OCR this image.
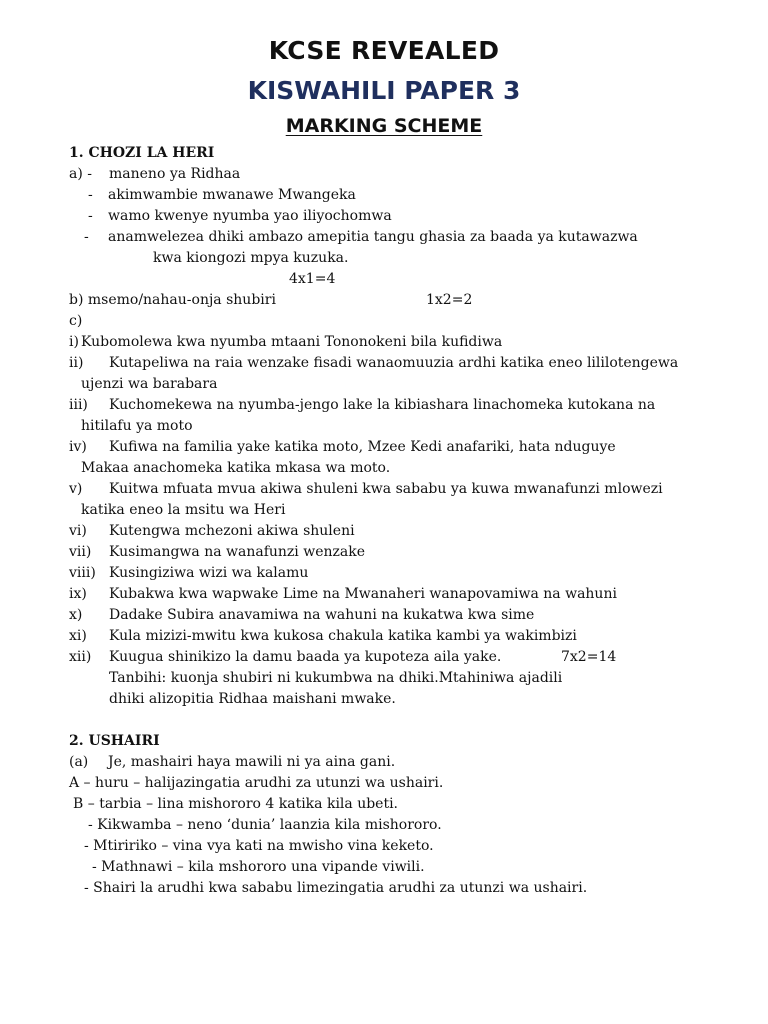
KCSE REVEALED
KISWAHILI PAPER 3
MARKING SCHEME
1. CHOZI LA HERI
a) - maneno ya Ridhaa
- akimwambie mwanawe Mwangeka
- wamo kwenye nyumba yao iliyochomwa
- anamwelezea dhiki ambazo amepitia tangu ghasia za baada ya kutawazwa
kwa kiongozi mpya kuzuka.
4x1=4
b) msemo/nahau-onja shubiri	1x2=2
c)
i) Kubomolewa kwa nyumba mtaani Tononokeni bila kufidiwa
ii) Kutapeliwa na raia wenzake fisadi wanaomuuzia ardhi katika eneo lililotengewa
ujenzi wa barabara
iii) Kuchomekewa na nyumba-jengo lake la kibiashara linachomeka kutokana na
hitilafu ya moto
iv) Kufiwa na familia yake katika moto, Mzee Kedi anafariki, hata nduguye
Makaa anachomeka katika mkasa wa moto.
v) Kuitwa mfuata mvua akiwa shuleni kwa sababu ya kuwa mwanafunzi mlowezi
katika eneo la msitu wa Heri
vi) Kutengwa mchezoni akiwa shuleni
vii) Kusimangwa na wanafunzi wenzake
viii) Kusingiziwa wizi wa kalamu
ix) Kubakwa kwa wapwake Lime na Mwanaheri wanapovamiwa na wahuni
x) Dadake Subira anavamiwa na wahuni na kukatwa kwa sime
xi) Kula mizizi-mwitu kwa kukosa chakula katika kambi ya wakimbizi
xii) Kuugua shinikizo la damu baada ya kupoteza aila yake.	7x2=14
Tanbihi: kuonja shubiri ni kukumbwa na dhiki.Mtahiniwa ajadili
dhiki alizopitia Ridhaa maishani mwake.
2. USHAIRI
(a) Je, mashairi haya mawili ni ya aina gani.
A – huru – halijazingatia arudhi za utunzi wa ushairi.
B – tarbia – lina mishororo 4 katika kila ubeti.
- Kikwamba – neno ‘dunia’ laanzia kila mishororo.
- Mtiririko – vina vya kati na mwisho vina keketo.
- Mathnawi – kila mshororo una vipande viwili.
- Shairi la arudhi kwa sababu limezingatia arudhi za utunzi wa ushairi.
